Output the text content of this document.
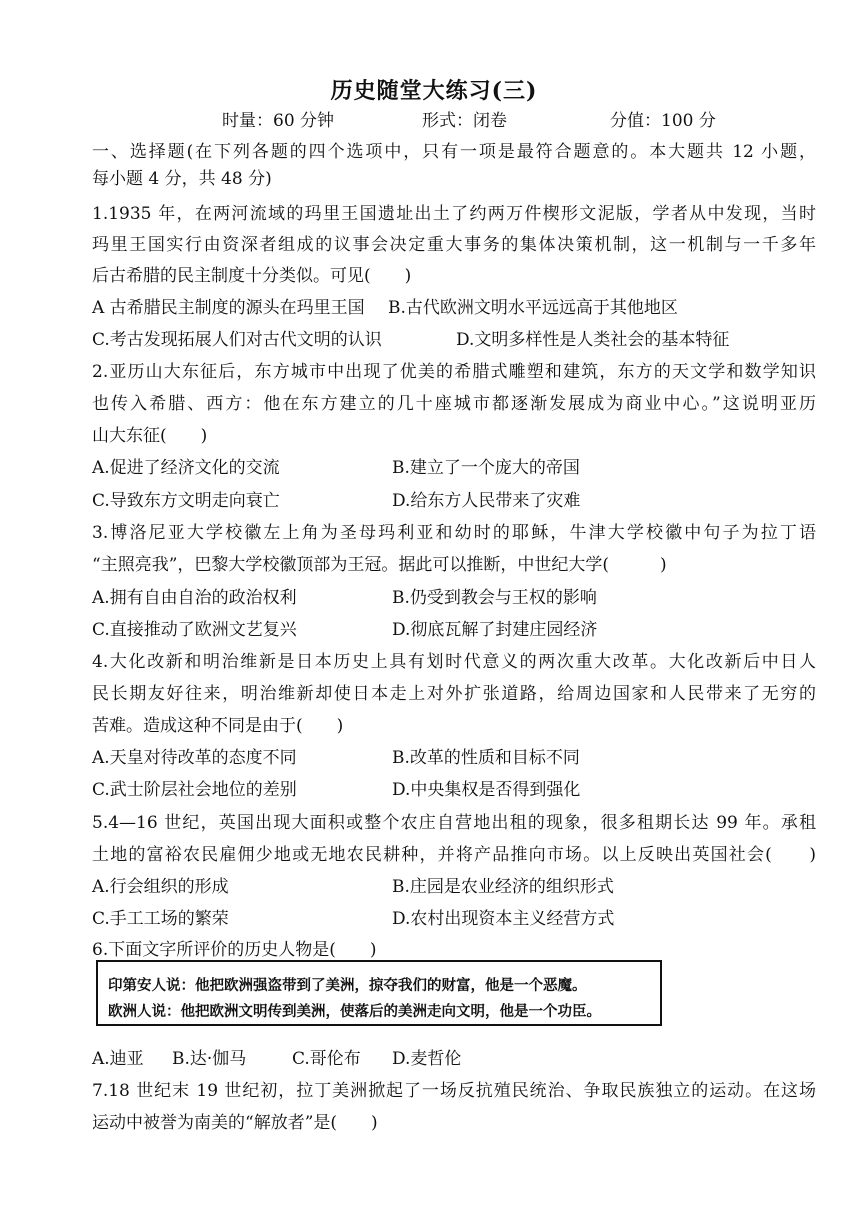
历史随堂大练习(三)
时量：60 分钟	形式：闭卷	分值：100 分
一、选择题(在下列各题的四个选项中，只有一项是最符合题意的。本大题共 12 小题，
每小题 4 分，共 48 分)
1.1935 年，在两河流域的玛里王国遗址出土了约两万件楔形文泥版，学者从中发现，当时
玛里王国实行由资深者组成的议事会决定重大事务的集体决策机制，这一机制与一千多年
后古希腊的民主制度十分类似。可见(　　)
A 古希腊民主制度的源头在玛里王国 B.古代欧洲文明水平远远高于其他地区
C.考古发现拓展人们对古代文明的认识	D.文明多样性是人类社会的基本特征
2.亚历山大东征后，东方城市中出现了优美的希腊式雕塑和建筑，东方的天文学和数学知识
也传入希腊、西方：他在东方建立的几十座城市都逐渐发展成为商业中心。”这说明亚历
山大东征(　　)
A.促进了经济文化的交流	B.建立了一个庞大的帝国
C.导致东方文明走向衰亡	D.给东方人民带来了灾难
3.博洛尼亚大学校徽左上角为圣母玛利亚和幼时的耶稣，牛津大学校徽中句子为拉丁语
“主照亮我”，巴黎大学校徽顶部为王冠。据此可以推断，中世纪大学(　　　)
A.拥有自由自治的政治权利	B.仍受到教会与王权的影响
C.直接推动了欧洲文艺复兴	D.彻底瓦解了封建庄园经济
4.大化改新和明治维新是日本历史上具有划时代意义的两次重大改革。大化改新后中日人
民长期友好往来，明治维新却使日本走上对外扩张道路，给周边国家和人民带来了无穷的
苦难。造成这种不同是由于(　　)
A.天皇对待改革的态度不同	B.改革的性质和目标不同
C.武士阶层社会地位的差别	D.中央集权是否得到强化
5.4—16 世纪，英国出现大面积或整个农庄自营地出租的现象，很多租期长达 99 年。承租
土地的富裕农民雇佣少地或无地农民耕种，并将产品推向市场。以上反映出英国社会(　　)
A.行会组织的形成	B.庄园是农业经济的组织形式
C.手工工场的繁荣	D.农村出现资本主义经营方式
6.下面文字所评价的历史人物是(　　)
印第安人说：他把欧洲强盗带到了美洲，掠夺我们的财富，他是一个恶魔。
欧洲人说：他把欧洲文明传到美洲，使落后的美洲走向文明，他是一个功臣。
A.迪亚 B.达·伽马	C.哥伦布 D.麦哲伦
7.18 世纪末 19 世纪初，拉丁美洲掀起了一场反抗殖民统治、争取民族独立的运动。在这场
运动中被誉为南美的“解放者”是(　　)
